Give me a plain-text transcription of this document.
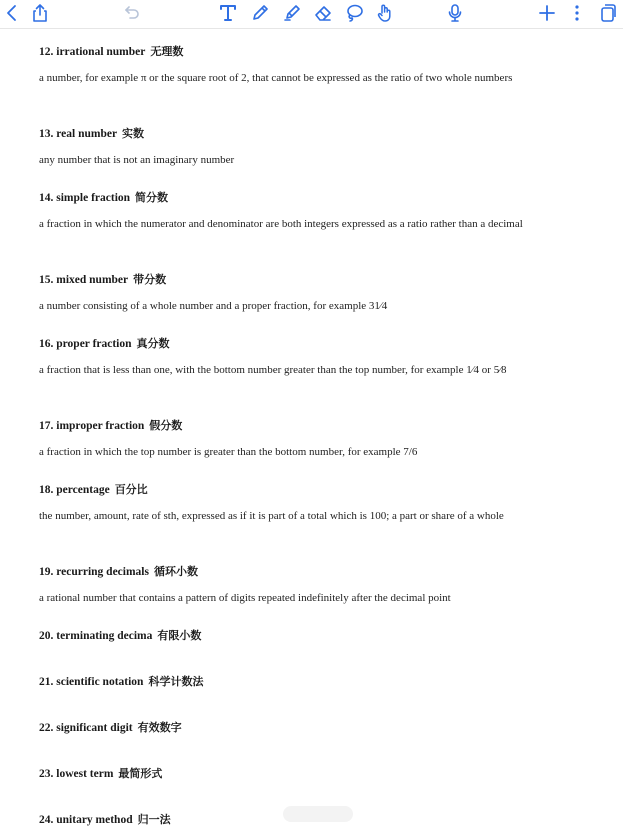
12. irrational number 无理数
a number, for example π or the square root of 2, that cannot be expressed as the ratio of two whole numbers
13. real number 实数
any number that is not an imaginary number
14. simple fraction 简分数
a fraction in which the numerator and denominator are both integers expressed as a ratio rather than a decimal
15. mixed number 带分数
a number consisting of a whole number and a proper fraction, for example 31⁄4
16. proper fraction 真分数
a fraction that is less than one, with the bottom number greater than the top number, for example 1⁄4 or 5⁄8
17. improper fraction 假分数
a fraction in which the top number is greater than the bottom number, for example 7/6
18. percentage 百分比
the number, amount, rate of sth, expressed as if it is part of a total which is 100; a part or share of a whole
19. recurring decimals 循环小数
a rational number that contains a pattern of digits repeated indefinitely after the decimal point
20. terminating decima 有限小数
21. scientific notation 科学计数法
22. significant digit 有效数字
23. lowest term 最简形式
24. unitary method 归一法
